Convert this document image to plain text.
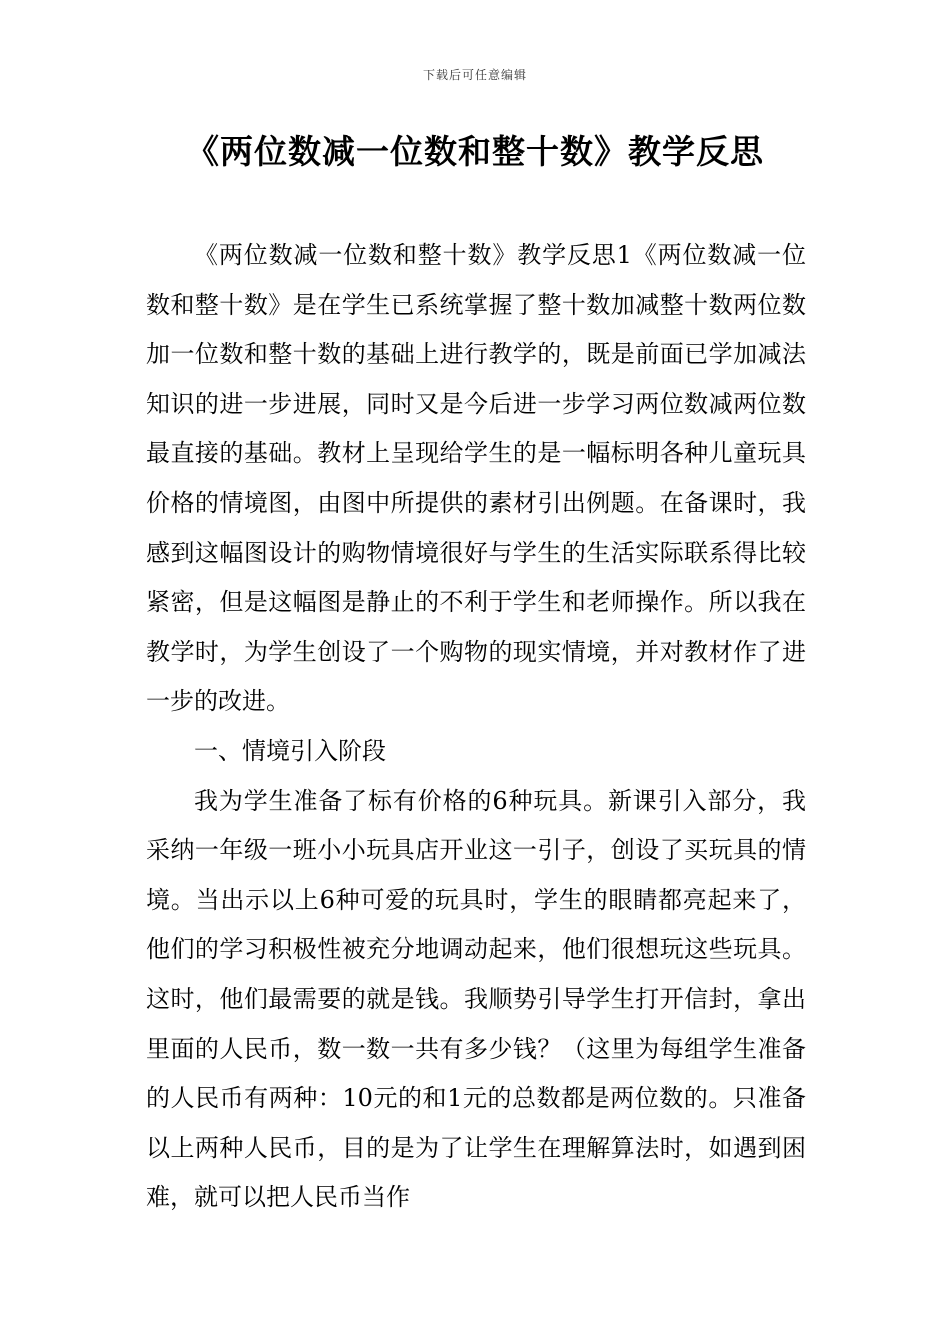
下载后可任意编辑
《两位数减一位数和整十数》教学反思

《两位数减一位数和整十数》教学反思1《两位数减一位数和整十数》是在学生已系统掌握了整十数加减整十数两位数加一位数和整十数的基础上进行教学的，既是前面已学加减法知识的进一步进展，同时又是今后进一步学习两位数减两位数最直接的基础。教材上呈现给学生的是一幅标明各种儿童玩具价格的情境图，由图中所提供的素材引出例题。在备课时，我感到这幅图设计的购物情境很好与学生的生活实际联系得比较紧密，但是这幅图是静止的不利于学生和老师操作。所以我在教学时，为学生创设了一个购物的现实情境，并对教材作了进一步的改进。

一、情境引入阶段

我为学生准备了标有价格的6种玩具。新课引入部分，我采纳一年级一班小小玩具店开业这一引子，创设了买玩具的情境。当出示以上6种可爱的玩具时，学生的眼睛都亮起来了，他们的学习积极性被充分地调动起来，他们很想玩这些玩具。这时，他们最需要的就是钱。我顺势引导学生打开信封，拿出里面的人民币，数一数一共有多少钱？（这里为每组学生准备的人民币有两种：10元的和1元的总数都是两位数的。只准备以上两种人民币，目的是为了让学生在理解算法时，如遇到困难，就可以把人民币当作
